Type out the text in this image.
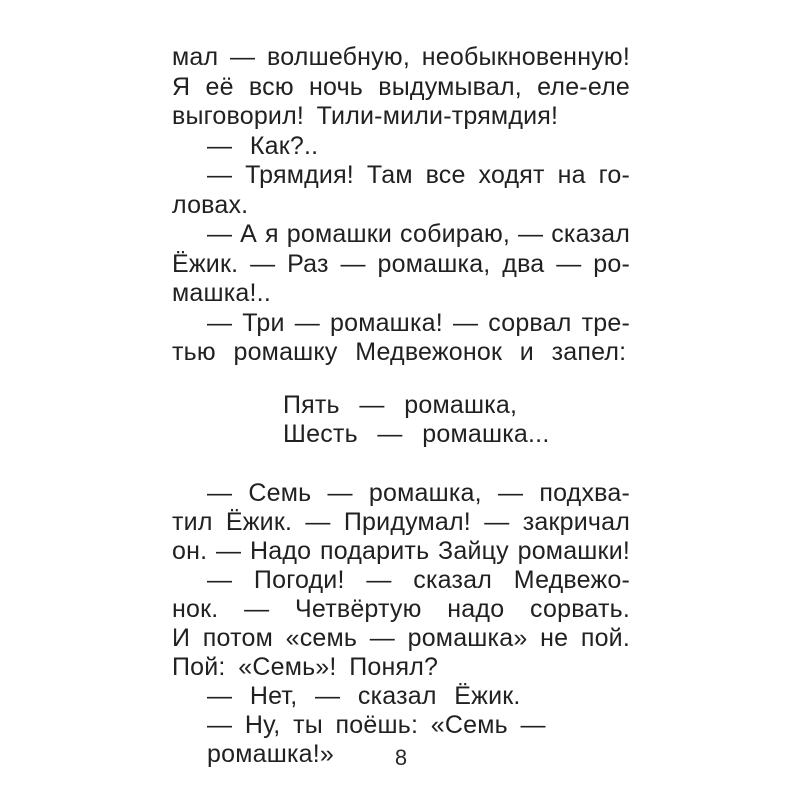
мал — волшебную, необыкновенную!
Я её всю ночь выдумывал, еле-еле
выговорил! Тили-мили-трямдия!
— Как?..
— Трямдия! Там все ходят на го-
ловах.
— А я ромашки собираю, — сказал
Ёжик. — Раз — ромашка, два — ро-
машка!..
— Три — ромашка! — сорвал тре-
тью ромашку Медвежонок и запел:
Пять — ромашка,
Шесть — ромашка...
— Семь — ромашка, — подхва-
тил Ёжик. — Придумал! — закричал
он. — Надо подарить Зайцу ромашки!
— Погоди! — сказал Медвежо-
нок. — Четвёртую надо сорвать.
И потом «семь — ромашка» не пой.
Пой: «Семь»! Понял?
— Нет, — сказал Ёжик.
— Ну, ты поёшь: «Семь — ромашка!»	8
